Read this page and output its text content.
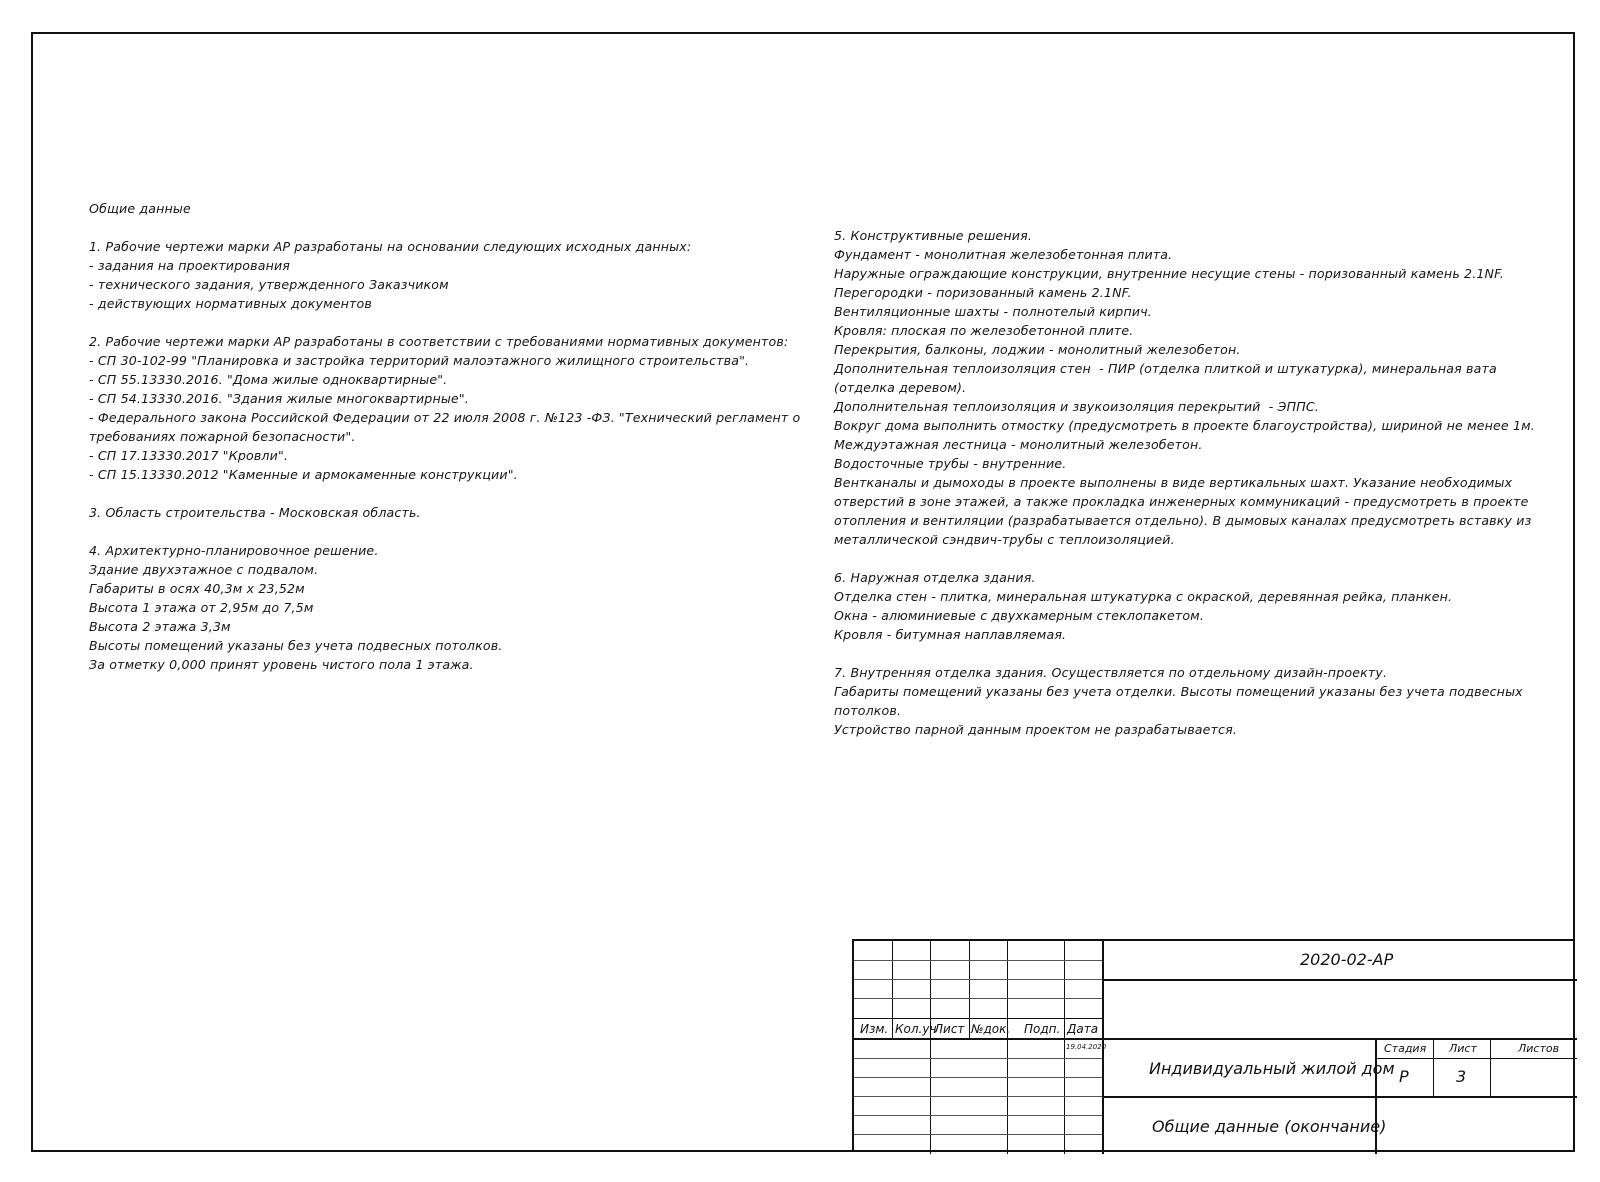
Общие данные
1. Рабочие чертежи марки АР разработаны на основании следующих исходных данных:
- задания на проектирования
- технического задания, утвержденного Заказчиком
- действующих нормативных документов
2. Рабочие чертежи марки АР разработаны в соответствии с требованиями нормативных документов:
- СП 30-102-99 "Планировка и застройка территорий малоэтажного жилищного строительства".
- СП 55.13330.2016. "Дома жилые одноквартирные".
- СП 54.13330.2016. "Здания жилые многоквартирные".
- Федерального закона Российской Федерации от 22 июля 2008 г. №123 -ФЗ. "Технический регламент о
требованиях пожарной безопасности".
- СП 17.13330.2017 "Кровли".
- СП 15.13330.2012 "Каменные и армокаменные конструкции".
3. Область строительства - Московская область.
4. Архитектурно-планировочное решение.
Здание двухэтажное с подвалом.
Габариты в осях 40,3м х 23,52м
Высота 1 этажа от 2,95м до 7,5м
Высота 2 этажа 3,3м
Высоты помещений указаны без учета подвесных потолков.
За отметку 0,000 принят уровень чистого пола 1 этажа.
5. Конструктивные решения.
Фундамент - монолитная железобетонная плита.
Наружные ограждающие конструкции, внутренние несущие стены - поризованный камень 2.1NF.
Перегородки - поризованный камень 2.1NF.
Вентиляционные шахты - полнотелый кирпич.
Кровля: плоская по железобетонной плите.
Перекрытия, балконы, лоджии - монолитный железобетон.
Дополнительная теплоизоляция стен  - ПИР (отделка плиткой и штукатурка), минеральная вата
(отделка деревом).
Дополнительная теплоизоляция и звукоизоляция перекрытий  - ЭППС.
Вокруг дома выполнить отмостку (предусмотреть в проекте благоустройства), шириной не менее 1м.
Междуэтажная лестница - монолитный железобетон.
Водосточные трубы - внутренние.
Вентканалы и дымоходы в проекте выполнены в виде вертикальных шахт. Указание необходимых
отверстий в зоне этажей, а также прокладка инженерных коммуникаций - предусмотреть в проекте
отопления и вентиляции (разрабатывается отдельно). В дымовых каналах предусмотреть вставку из
металлической сэндвич-трубы с теплоизоляцией.
6. Наружная отделка здания.
Отделка стен - плитка, минеральная штукатурка с окраской, деревянная рейка, планкен.
Окна - алюминиевые с двухкамерным стеклопакетом.
Кровля - битумная наплавляемая.
7. Внутренняя отделка здания. Осуществляется по отдельному дизайн-проекту.
Габариты помещений указаны без учета отделки. Высоты помещений указаны без учета подвесных
потолков.
Устройство парной данным проектом не разрабатывается.
Изм. Кол.уч
Лист №док. Подп. Дата
19.04.2020
2020-02-АР
Индивидуальный жилой дом
Общие данные (окончание)
Стадия Лист	Листов
Р	3
